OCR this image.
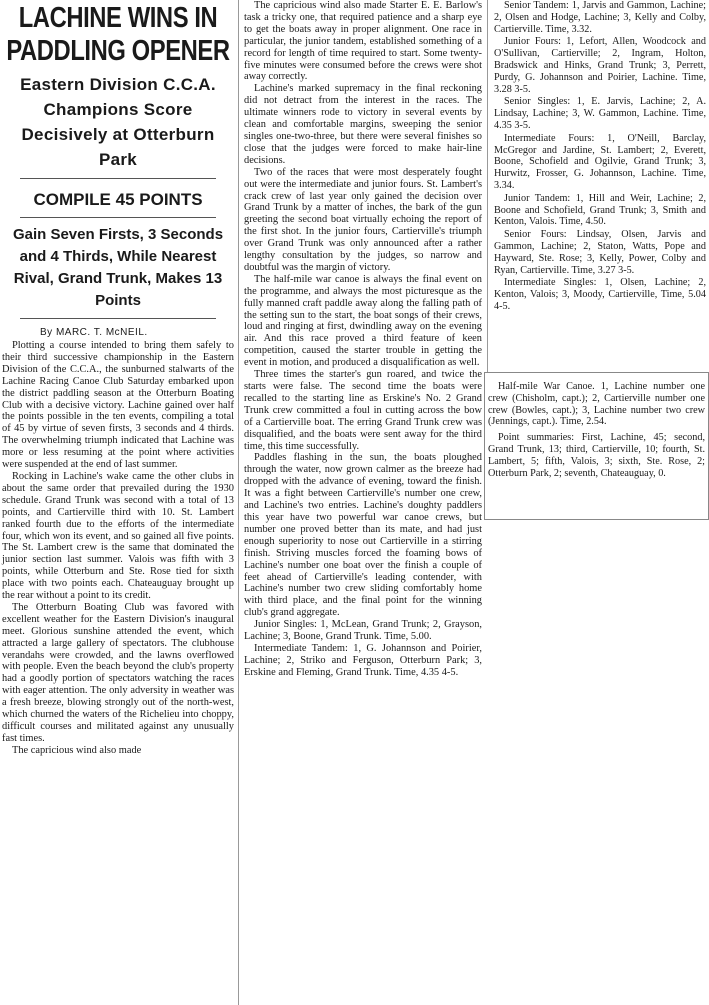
LACHINE WINS IN PADDLING OPENER
Eastern Division C.C.A. Champions Score Decisively at Otterburn Park
COMPILE 45 POINTS
Gain Seven Firsts, 3 Seconds and 4 Thirds, While Nearest Rival, Grand Trunk, Makes 13 Points
By MARC. T. McNEIL.

Plotting a course intended to bring them safely to their third successive championship in the Eastern Division of the C.C.A., the sunburned stalwarts of the Lachine Racing Canoe Club Saturday embarked upon the district paddling season at the Otterburn Boating Club with a decisive victory. Lachine gained over half the points possible in the ten events, compiling a total of 45 by virtue of seven firsts, 3 seconds and 4 thirds. The overwhelming triumph indicated that Lachine was more or less resuming at the point where activities were suspended at the end of last summer.

Rocking in Lachine's wake came the other clubs in about the same order that prevailed during the 1930 schedule. Grand Trunk was second with a total of 13 points, and Cartierville third with 10. St. Lambert ranked fourth due to the efforts of the intermediate four, which won its event, and so gained all five points. The St. Lambert crew is the same that dominated the junior section last summer. Valois was fifth with 3 points, while Otterburn and Ste. Rose tied for sixth place with two points each. Chateauguay brought up the rear without a point to its credit.

The Otterburn Boating Club was favored with excellent weather for the Eastern Division's inaugural meet. Glorious sunshine attended the event, which attracted a large gallery of spectators. The clubhouse verandahs were crowded, and the lawns overflowed with people. Even the beach beyond the club's property had a goodly portion of spectators watching the races with eager attention. The only adversity in weather was a fresh breeze, blowing strongly out of the north-west, which churned the waters of the Richelieu into choppy, difficult courses and militated against any unusually fast times.

The capricious wind also made

The capricious wind also made Starter E. E. Barlow's task a tricky one, that required patience and a sharp eye to get the boats away in proper alignment. One race in particular, the junior tandem, established something of a record for length of time required to start. Some twenty-five minutes were consumed before the crews were shot away correctly.

Lachine's marked supremacy in the final reckoning did not detract from the interest in the races. The ultimate winners rode to victory in several events by clean and comfortable margins, sweeping the senior singles one-two-three, but there were several finishes so close that the judges were forced to make hair-line decisions.

Two of the races that were most desperately fought out were the intermediate and junior fours. St. Lambert's crack crew of last year only gained the decision over Grand Trunk by a matter of inches, the bark of the gun greeting the second boat virtually echoing the report of the first shot. In the junior fours, Cartierville's triumph over Grand Trunk was only announced after a rather lengthy consultation by the judges, so narrow and doubtful was the margin of victory.

The half-mile war canoe is always the final event on the programme, and always the most picturesque as the fully manned craft paddle away along the falling path of the setting sun to the start, the boat songs of their crews, loud and ringing at first, dwindling away on the evening air. And this race proved a third feature of keen competition, caused the starter trouble in getting the event in motion, and produced a disqualification as well.

Three times the starter's gun roared, and twice the starts were false. The second time the boats were recalled to the starting line as Erskine's No. 2 Grand Trunk crew committed a foul in cutting across the bow of a Cartierville boat. The erring Grand Trunk crew was disqualified, and the boats were sent away for the third time, this time successfully.

Paddles flashing in the sun, the boats ploughed through the water, now grown calmer as the breeze had dropped with the advance of evening, toward the finish. It was a fight between Cartierville's number one crew, and Lachine's two entries. Lachine's doughty paddlers this year have two powerful war canoe crews, but number one proved better than its mate, and had just enough superiority to nose out Cartierville in a stirring finish. Striving muscles forced the foaming bows of Lachine's number one boat over the finish a couple of feet ahead of Cartierville's leading contender, with Lachine's number two crew sliding comfortably home with third place, and the final point for the winning club's grand aggregate.

Junior Singles: 1, McLean, Grand Trunk; 2, Grayson, Lachine; 3, Boone, Grand Trunk. Time, 5.00.

Intermediate Tandem: 1, G. Johannson and Poirier, Lachine; 2, Striko and Ferguson, Otterburn Park; 3, Erskine and Fleming, Grand Trunk. Time, 4.35 4-5.

Senior Tandem: 1, Jarvis and Gammon, Lachine; 2, Olsen and Hodge, Lachine; 3, Kelly and Colby, Cartierville. Time, 3.32.

Junior Fours: 1, Lefort, Allen, Woodcock and O'Sullivan, Cartierville; 2, Ingram, Holton, Bradswick and Hinks, Grand Trunk; 3, Perrett, Purdy, G. Johannson and Poirier, Lachine. Time, 3.28 3-5.

Senior Singles: 1, E. Jarvis, Lachine; 2, A. Lindsay, Lachine; 3, W. Gammon, Lachine. Time, 4.35 3-5.

Intermediate Fours: 1, O'Neill, Barclay, McGregor and Jardine, St. Lambert; 2, Everett, Boone, Schofield and Ogilvie, Grand Trunk; 3, Hurwitz, Frosser, G. Johannson, Lachine. Time, 3.34.

Junior Tandem: 1, Hill and Weir, Lachine; 2, Boone and Schofield, Grand Trunk; 3, Smith and Kenton, Valois. Time, 4.50.

Senior Fours: Lindsay, Olsen, Jarvis and Gammon, Lachine; 2, Staton, Watts, Pope and Hayward, Ste. Rose; 3, Kelly, Power, Colby and Ryan, Cartierville. Time, 3.27 3-5.

Intermediate Singles: 1, Olsen, Lachine; 2, Kenton, Valois; 3, Moody, Cartierville, Time, 5.04 4-5.

Half-mile War Canoe. 1, Lachine number one crew (Chisholm, capt.); 2, Cartierville number one crew (Bowles, capt.); 3, Lachine number two crew (Jennings, capt.). Time, 2.54.

Point summaries: First, Lachine, 45; second, Grand Trunk, 13; third, Cartierville, 10; fourth, St. Lambert, 5; fifth, Valois, 3; sixth, Ste. Rose, 2; Otterburn Park, 2; seventh, Chateauguay, 0.
